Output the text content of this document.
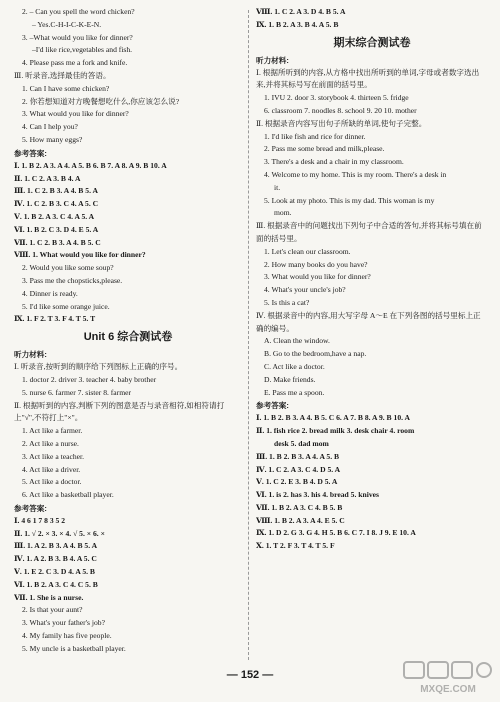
2. – Can you spell the word chicken?
– Yes.C-H-I-C-K-E-N.
3. –What would you like for dinner?
–I'd like rice,vegetables and fish.
4. Please pass me a fork and knife.
Ⅲ. 听录音,选择最佳的答语。
1. Can I have some chicken?
2. 你若想知道对方晚餐想吃什么,你应该怎么说?
3. What would you like for dinner?
4. Can I help you?
5. How many eggs?
参考答案:
Ⅰ. 1. B 2. A 3. A 4. A 5. B 6. B 7. A 8. A 9. B 10. A
Ⅱ. 1. C 2. A 3. B 4. A
Ⅲ. 1. C 2. B 3. A 4. B 5. A
Ⅳ. 1. C 2. B 3. C 4. A 5. C
Ⅴ. 1. B 2. A 3. C 4. A 5. A
Ⅵ. 1. B 2. C 3. D 4. E 5. A
Ⅶ. 1. C 2. B 3. A 4. B 5. C
Ⅷ. 1. What would you like for dinner?
2. Would you like some soup?
3. Pass me the chopsticks,please.
4. Dinner is ready.
5. I'd like some orange juice.
Ⅸ. 1. F 2. T 3. F 4. T 5. T
Unit 6 综合测试卷
听力材料:
Ⅰ. 听录音,按听到的顺序给下列图标上正确的序号。
1. doctor 2. driver 3. teacher 4. baby brother
5. nurse 6. farmer 7. sister 8. farmer
Ⅱ. 根据听到的内容,判断下列的图意是否与录音相符,如相符请打上"√",不符打上"×"。
1. Act like a farmer.
2. Act like a nurse.
3. Act like a teacher.
4. Act like a driver.
5. Act like a doctor.
6. Act like a basketball player.
参考答案:
Ⅰ. 4 6 1 7 8 3 5 2
Ⅱ. 1. √ 2. × 3. × 4. √ 5. × 6. ×
Ⅲ. 1. A 2. B 3. A 4. B 5. A
Ⅳ. 1. A 2. B 3. B 4. A 5. C
Ⅴ. 1. E 2. C 3. D 4. A 5. B
Ⅵ. 1. B 2. A 3. C 4. C 5. B
Ⅶ. 1. She is a nurse.
2. Is that your aunt?
3. What's your father's job?
4. My family has five people.
5. My uncle is a basketball player.
Ⅷ. 1. C 2. A 3. D 4. B 5. A
Ⅸ. 1. B 2. A 3. B 4. A 5. B
期末综合测试卷
听力材料:
Ⅰ. 根据所听到的内容,从方格中找出所听到的单词,字母或者数字选出来,并将其标号写在前面的括号里。
1. IVU 2. door 3. storybook 4. thirteen 5. fridge
6. classroom 7. noodles 8. school 9. 20 10. mother
Ⅱ. 根据录音内容写出句子所缺的单词,使句子完整。
1. I'd like fish and rice for dinner.
2. Pass me some bread and milk,please.
3. There's a desk and a chair in my classroom.
4. Welcome to my home. This is my room. There's a desk in
it.
5. Look at my photo. This is my dad. This woman is my
mom.
Ⅲ. 根据录音中的问题找出下列句子中合适的答句,并将其标号填在前面的括号里。
1. Let's clean our classroom.
2. How many books do you have?
3. What would you like for dinner?
4. What's your uncle's job?
5. Is this a cat?
Ⅳ. 根据录音中的内容,用大写字母 A～E 在下列各图的括号里标上正确的编号。
A. Clean the window.
B. Go to the bedroom,have a nap.
C. Act like a doctor.
D. Make friends.
E. Pass me a spoon.
参考答案:
Ⅰ. 1. B 2. B 3. A 4. B 5. C 6. A 7. B 8. A 9. B 10. A
Ⅱ. 1. fish rice 2. bread milk 3. desk chair 4. room
desk 5. dad mom
Ⅲ. 1. B 2. B 3. A 4. A 5. B
Ⅳ. 1. C 2. A 3. C 4. D 5. A
Ⅴ. 1. C 2. E 3. B 4. D 5. A
Ⅵ. 1. is 2. has 3. his 4. bread 5. knives
Ⅶ. 1. B 2. A 3. C 4. B 5. B
Ⅷ. 1. B 2. A 3. A 4. E 5. C
Ⅸ. 1. D 2. G 3. G 4. H 5. B 6. C 7. I 8. J 9. E 10. A
Ⅹ. 1. T 2. F 3. T 4. T 5. F
— 152 —
MXQE.COM
